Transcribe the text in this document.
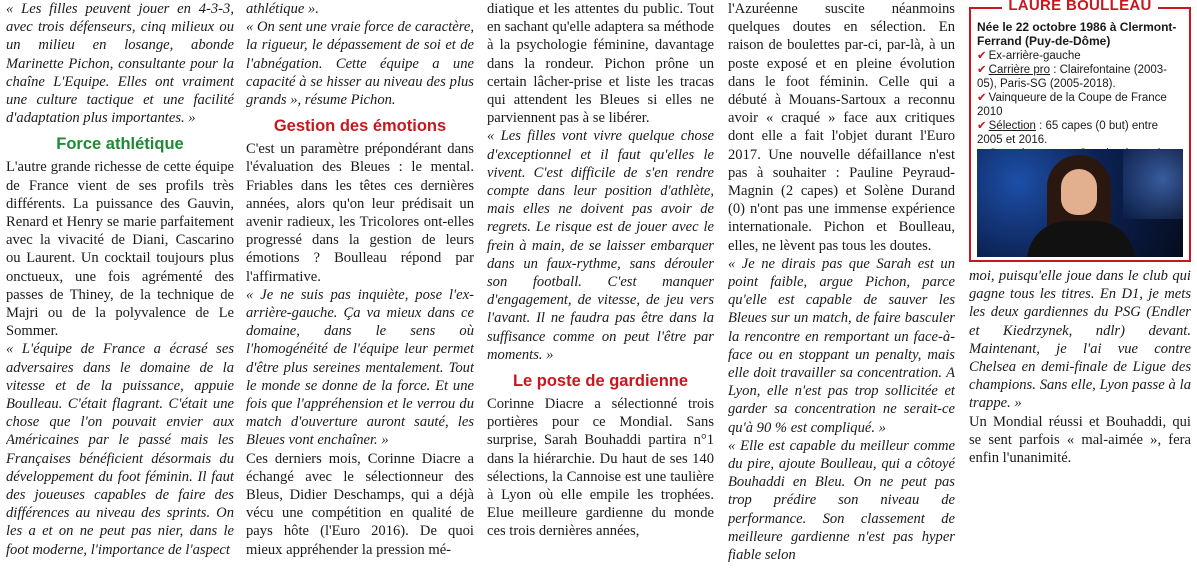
« Les filles peuvent jouer en 4-3-3, avec trois défenseurs, cinq milieux ou un milieu en losange, abonde Marinette Pichon, consultante pour la chaîne L'Equipe. Elles ont vraiment une culture tactique et une facilité d'adaptation plus importantes. »

Force athlétique

L'autre grande richesse de cette équipe de France vient de ses profils très différents. La puissance des Gauvin, Renard et Henry se marie parfaitement avec la vivacité de Diani, Cascarino ou Laurent. Un cocktail toujours plus onctueux, une fois agrémenté des passes de Thiney, de la technique de Majri ou de la polyvalence de Le Sommer.

« L'équipe de France a écrasé ses adversaires dans le domaine de la vitesse et de la puissance, appuie Boulleau. C'était flagrant. C'était une chose que l'on pouvait envier aux Américaines par le passé mais les Françaises bénéficient désormais du développement du foot féminin. Il faut des joueuses capables de faire des différences au niveau des sprints. On les a et on ne peut pas nier, dans le foot moderne, l'importance de l'aspect

athlétique ».

« On sent une vraie force de caractère, la rigueur, le dépassement de soi et de l'abnégation. Cette équipe a une capacité à se hisser au niveau des plus grands », résume Pichon.

Gestion des émotions

C'est un paramètre prépondérant dans l'évaluation des Bleues : le mental. Friables dans les têtes ces dernières années, alors qu'on leur prédisait un avenir radieux, les Tricolores ont-elles progressé dans la gestion de leurs émotions ? Boulleau répond par l'affirmative.

« Je ne suis pas inquiète, pose l'ex-arrière-gauche. Ça va mieux dans ce domaine, dans le sens où l'homogénéité de l'équipe leur permet d'être plus sereines mentalement. Tout le monde se donne de la force. Et une fois que l'appréhension et le verrou du match d'ouverture auront sauté, les Bleues vont enchaîner. »

Ces derniers mois, Corinne Diacre a échangé avec le sélectionneur des Bleus, Didier Deschamps, qui a déjà vécu une compétition en qualité de pays hôte (l'Euro 2016). De quoi mieux appréhender la pression mé-

diatique et les attentes du public. Tout en sachant qu'elle adaptera sa méthode à la psychologie féminine, davantage dans la rondeur. Pichon prône un certain lâcher-prise et liste les tracas qui attendent les Bleues si elles ne parviennent pas à se libérer.

« Les filles vont vivre quelque chose d'exceptionnel et il faut qu'elles le vivent. C'est difficile de s'en rendre compte dans leur position d'athlète, mais elles ne doivent pas avoir de regrets. Le risque est de jouer avec le frein à main, de se laisser embarquer dans un faux-rythme, sans dérouler son football. C'est manquer d'engagement, de vitesse, de jeu vers l'avant. Il ne faudra pas être dans la suffisance comme on peut l'être par moments. »

Le poste de gardienne

Corinne Diacre a sélectionné trois portières pour ce Mondial. Sans surprise, Sarah Bouhaddi partira n°1 dans la hiérarchie. Du haut de ses 140 sélections, la Cannoise est une taulière à Lyon où elle empile les trophées. Elue meilleure gardienne du monde ces trois dernières années,

l'Azuréenne suscite néanmoins quelques doutes en sélection. En raison de boulettes par-ci, par-là, à un poste exposé et en pleine évolution dans le foot féminin. Celle qui a débuté à Mouans-Sartoux a reconnu avoir « craqué » face aux critiques dont elle a fait l'objet durant l'Euro 2017. Une nouvelle défaillance n'est pas à souhaiter : Pauline Peyraud-Magnin (2 capes) et Solène Durand (0) n'ont pas une immense expérience internationale. Pichon et Boulleau, elles, ne lèvent pas tous les doutes.

« Je ne dirais pas que Sarah est un point faible, argue Pichon, parce qu'elle est capable de sauver les Bleues sur un match, de faire basculer la rencontre en remportant un face-à-face ou en stoppant un penalty, mais elle doit travailler sa concentration. A Lyon, elle n'est pas trop sollicitée et garder sa concentration ne serait-ce qu'à 90 % est compliqué. »

« Elle est capable du meilleur comme du pire, ajoute Boulleau, qui a côtoyé Bouhaddi en Bleu. On ne peut pas trop prédire son niveau de performance. Son classement de meilleure gardienne n'est pas hyper fiable selon

LAURE BOULLEAU

Née le 22 octobre 1986 à Clermont-Ferrand (Puy-de-Dôme)

✔ Ex-arrière-gauche

✔ Carrière pro : Clairefontaine (2003-05), Paris-SG (2005-2018).

✔ Vainqueure de la Coupe de France 2010

✔ Sélection : 65 capes (0 but) entre 2005 et 2016.

moi, puisqu'elle joue dans le club qui gagne tous les titres. En D1, je mets les deux gardiennes du PSG (Endler et Kiedrzynek, ndlr) devant. Maintenant, je l'ai vue contre Chelsea en demi-finale de Ligue des champions. Sans elle, Lyon passe à la trappe. »

Un Mondial réussi et Bouhaddi, qui se sent parfois « mal-aimée », fera enfin l'unanimité.
